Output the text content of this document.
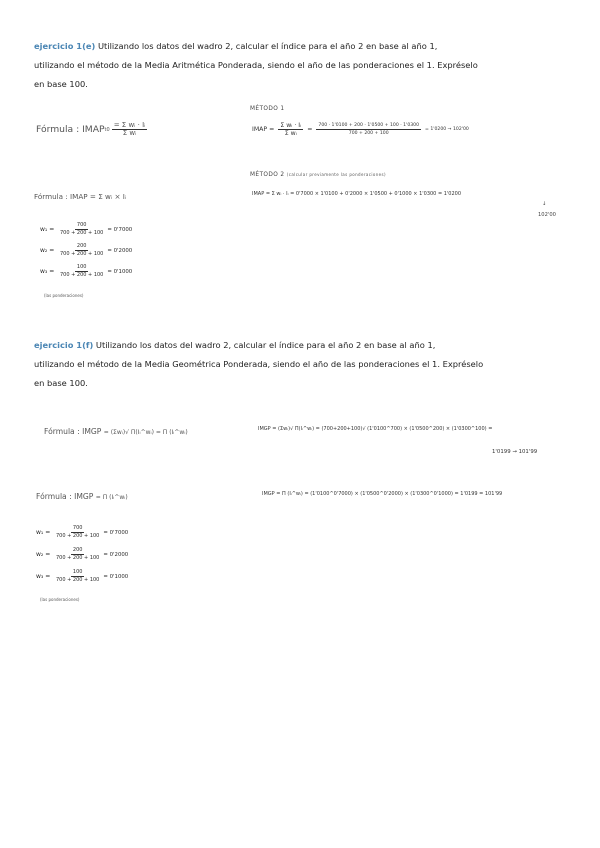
ejercicio 1(e) Utilizando los datos del wadro 2, calcular el índice para el año 2 en base al año 1,
utilizando el método de la Media Aritmética Ponderada, siendo el año de las ponderaciones el 1. Expréselo
en base 100.
Fórmula : IMAP t $0 \frac{\text{= Σ wᵢ · Iᵢ}}{\text{Σ wᵢ}}$
MÉTODO 1
IMAP = $\frac{\text{Σ wᵢ · Iᵢ}}{\text{Σ wᵢ}} = \frac{700 \cdot 1'0100 + 200 \cdot 1'0500 + 100 \cdot 1'0300}{700 + 200 + 100} = 1'0200 \to 102'00$
MÉTODO 2 (calcular previamente las ponderaciones)
IMAP = Σ wᵢ · Iᵢ = 0'7000 × 1'0100 + 0'2000 × 1'0500 + 0'1000 × 1'0300 = 1'0200
↓
102'00
Fórmula : IMAP = Σ wᵢ × Iᵢ
$w_1 = \frac{700}{700 + 200 + 100} = 0'7000$
$w_2 = \frac{200}{700 + 200 + 100} = 0'2000$
$w_3 = \frac{100}{700 + 200 + 100} = 0'1000$
(las ponderaciones)
ejercicio 1(f) Utilizando los datos del wadro 2, calcular el índice para el año 2 en base al año 1,
utilizando el método de la Media Geométrica Ponderada, siendo el año de las ponderaciones el 1. Expréselo
en base 100.
Fórmula : IMGP = (Σwᵢ)√ Π(Iᵢ^wᵢ) = Π (Iᵢ^wᵢ)	IMGP = (Σwᵢ)√ Π(Iᵢ^wᵢ) = (700+200+100)√ (1'0100^700) × (1'0500^200) × (1'0300^100) =
1'0199 → 101'99
Fórmula : IMGP = Π (Iᵢ^wᵢ)	IMGP = Π (Iᵢ^wᵢ) = (1'0100^0'7000) × (1'0500^0'2000) × (1'0300^0'1000) = 1'0199 = 101'99
$w_1 = \frac{700}{700 + 200 + 100} = 0'7000$
$w_2 = \frac{200}{700 + 200 + 100} = 0'2000$
$w_3 = \frac{100}{700 + 200 + 100} = 0'1000$
(las ponderaciones)
